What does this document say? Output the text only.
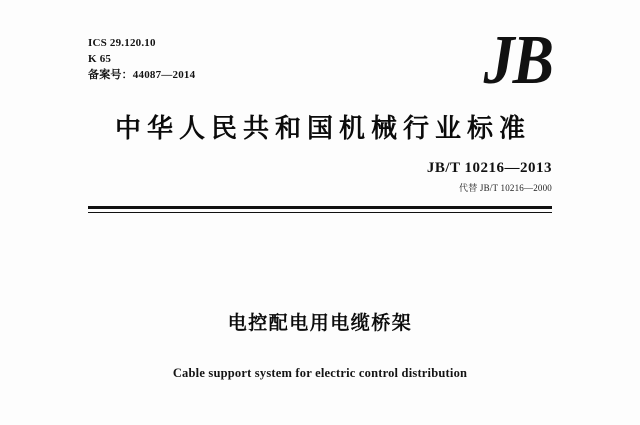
ICS 29.120.10
K 65
备案号：44087—2014	JB
中华人民共和国机械行业标准
JB/T 10216—2013
代替 JB/T 10216—2000
电控配电用电缆桥架
Cable support system for electric control distribution
